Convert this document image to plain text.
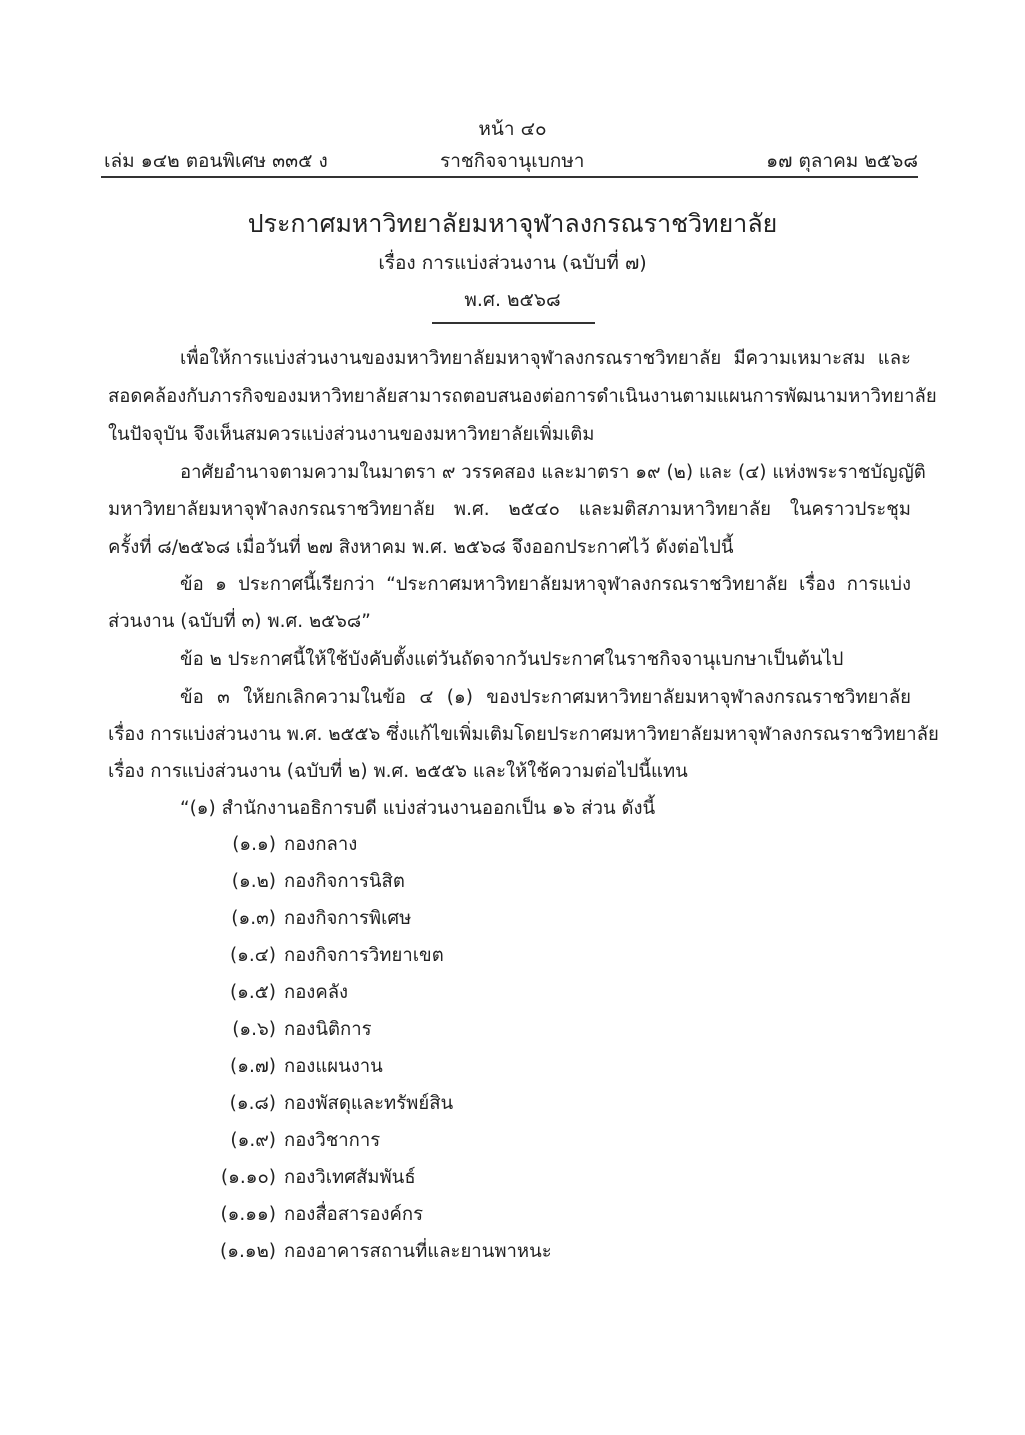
หน้า ๔๐
เล่ม ๑๔๒ ตอนพิเศษ ๓๓๕ ง	ราชกิจจานุเบกษา	๑๗ ตุลาคม ๒๕๖๘
ประกาศมหาวิทยาลัยมหาจุฬาลงกรณราชวิทยาลัย
เรื่อง การแบ่งส่วนงาน (ฉบับที่ ๗)
พ.ศ. ๒๕๖๘
เพื่อให้การแบ่งส่วนงานของมหาวิทยาลัยมหาจุฬาลงกรณราชวิทยาลัย มีความเหมาะสม และ
สอดคล้องกับภารกิจของมหาวิทยาลัยสามารถตอบสนองต่อการดำเนินงานตามแผนการพัฒนามหาวิทยาลัย
ในปัจจุบัน จึงเห็นสมควรแบ่งส่วนงานของมหาวิทยาลัยเพิ่มเติม
อาศัยอำนาจตามความในมาตรา ๙ วรรคสอง และมาตรา ๑๙ (๒) และ (๔) แห่งพระราชบัญญัติ
มหาวิทยาลัยมหาจุฬาลงกรณราชวิทยาลัย พ.ศ. ๒๕๔๐ และมติสภามหาวิทยาลัย ในคราวประชุม
ครั้งที่ ๘/๒๕๖๘ เมื่อวันที่ ๒๗ สิงหาคม พ.ศ. ๒๕๖๘ จึงออกประกาศไว้ ดังต่อไปนี้
ข้อ ๑ ประกาศนี้เรียกว่า “ประกาศมหาวิทยาลัยมหาจุฬาลงกรณราชวิทยาลัย เรื่อง การแบ่ง
ส่วนงาน (ฉบับที่ ๓) พ.ศ. ๒๕๖๘”
ข้อ ๒ ประกาศนี้ให้ใช้บังคับตั้งแต่วันถัดจากวันประกาศในราชกิจจานุเบกษาเป็นต้นไป
ข้อ ๓ ให้ยกเลิกความในข้อ ๔ (๑) ของประกาศมหาวิทยาลัยมหาจุฬาลงกรณราชวิทยาลัย
เรื่อง การแบ่งส่วนงาน พ.ศ. ๒๕๕๖ ซึ่งแก้ไขเพิ่มเติมโดยประกาศมหาวิทยาลัยมหาจุฬาลงกรณราชวิทยาลัย
เรื่อง การแบ่งส่วนงาน (ฉบับที่ ๒) พ.ศ. ๒๕๕๖ และให้ใช้ความต่อไปนี้แทน
“(๑) สำนักงานอธิการบดี แบ่งส่วนงานออกเป็น ๑๖ ส่วน ดังนี้
(๑.๑) กองกลาง
(๑.๒) กองกิจการนิสิต
(๑.๓) กองกิจการพิเศษ
(๑.๔) กองกิจการวิทยาเขต
(๑.๕) กองคลัง
(๑.๖) กองนิติการ
(๑.๗) กองแผนงาน
(๑.๘) กองพัสดุและทรัพย์สิน
(๑.๙) กองวิชาการ
(๑.๑๐) กองวิเทศสัมพันธ์
(๑.๑๑) กองสื่อสารองค์กร
(๑.๑๒) กองอาคารสถานที่และยานพาหนะ
